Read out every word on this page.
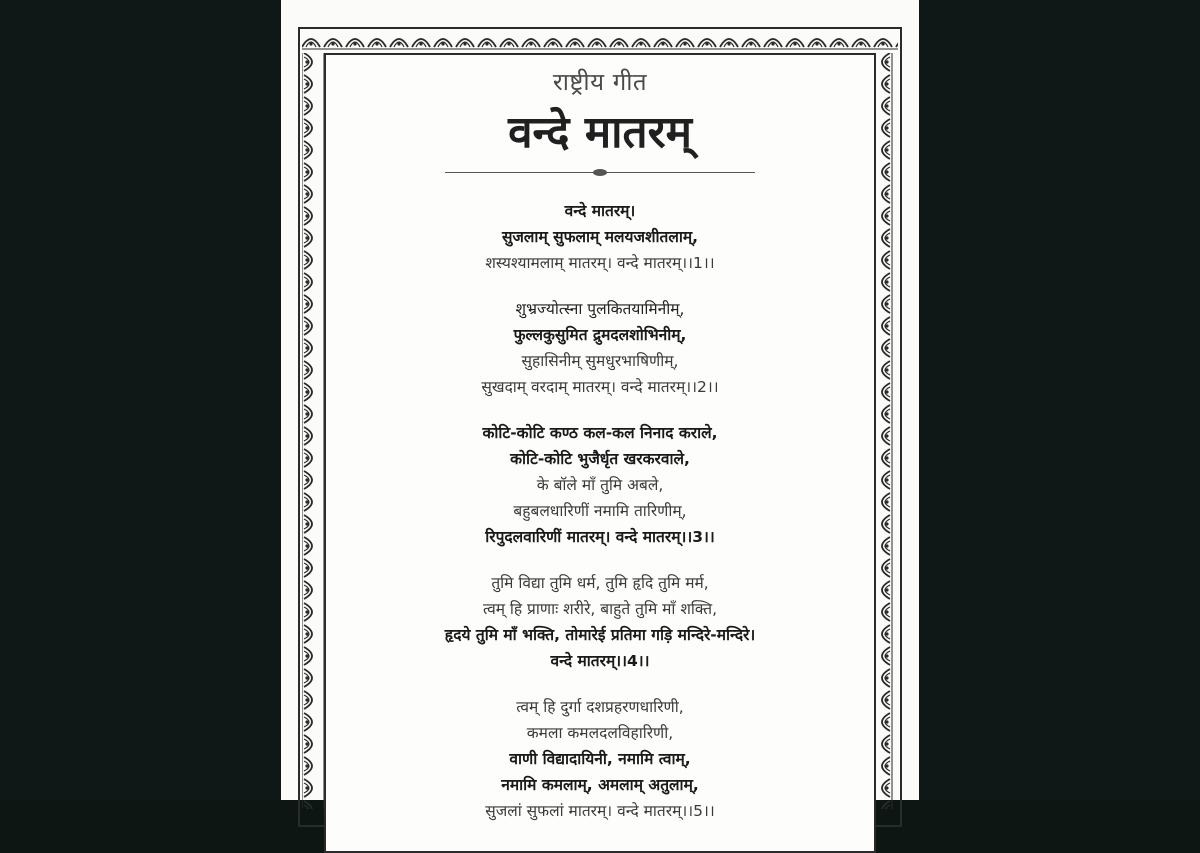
राष्ट्रीय गीत
वन्दे मातरम्
वन्दे मातरम्।
सुजलाम् सुफलाम् मलयजशीतलाम्,
शस्यश्यामलाम् मातरम्। वन्दे मातरम्।।1।।
शुभ्रज्योत्स्ना पुलकितयामिनीम्,
फुल्लकुसुमित द्रुमदलशोभिनीम्,
सुहासिनीम् सुमधुरभाषिणीम्,
सुखदाम् वरदाम् मातरम्। वन्दे मातरम्।।2।।
कोटि-कोटि कण्ठ कल-कल निनाद कराले,
कोटि-कोटि भुजैर्धृत खरकरवाले,
के बॉले माँ तुमि अबले,
बहुबलधारिणीं नमामि तारिणीम्,
रिपुदलवारिणीं मातरम्। वन्दे मातरम्।।3।।
तुमि विद्या तुमि धर्म, तुमि हृदि तुमि मर्म,
त्वम् हि प्राणाः शरीरे, बाहुते तुमि माँ शक्ति,
हृदये तुमि माँ भक्ति, तोमारेई प्रतिमा गड़ि मन्दिरे-मन्दिरे।
वन्दे मातरम्।।4।।
त्वम् हि दुर्गा दशप्रहरणधारिणी,
कमला कमलदलविहारिणी,
वाणी विद्यादायिनी, नमामि त्वाम्,
नमामि कमलाम्, अमलाम् अतुलाम्,
सुजलां सुफलां मातरम्। वन्दे मातरम्।।5।।
